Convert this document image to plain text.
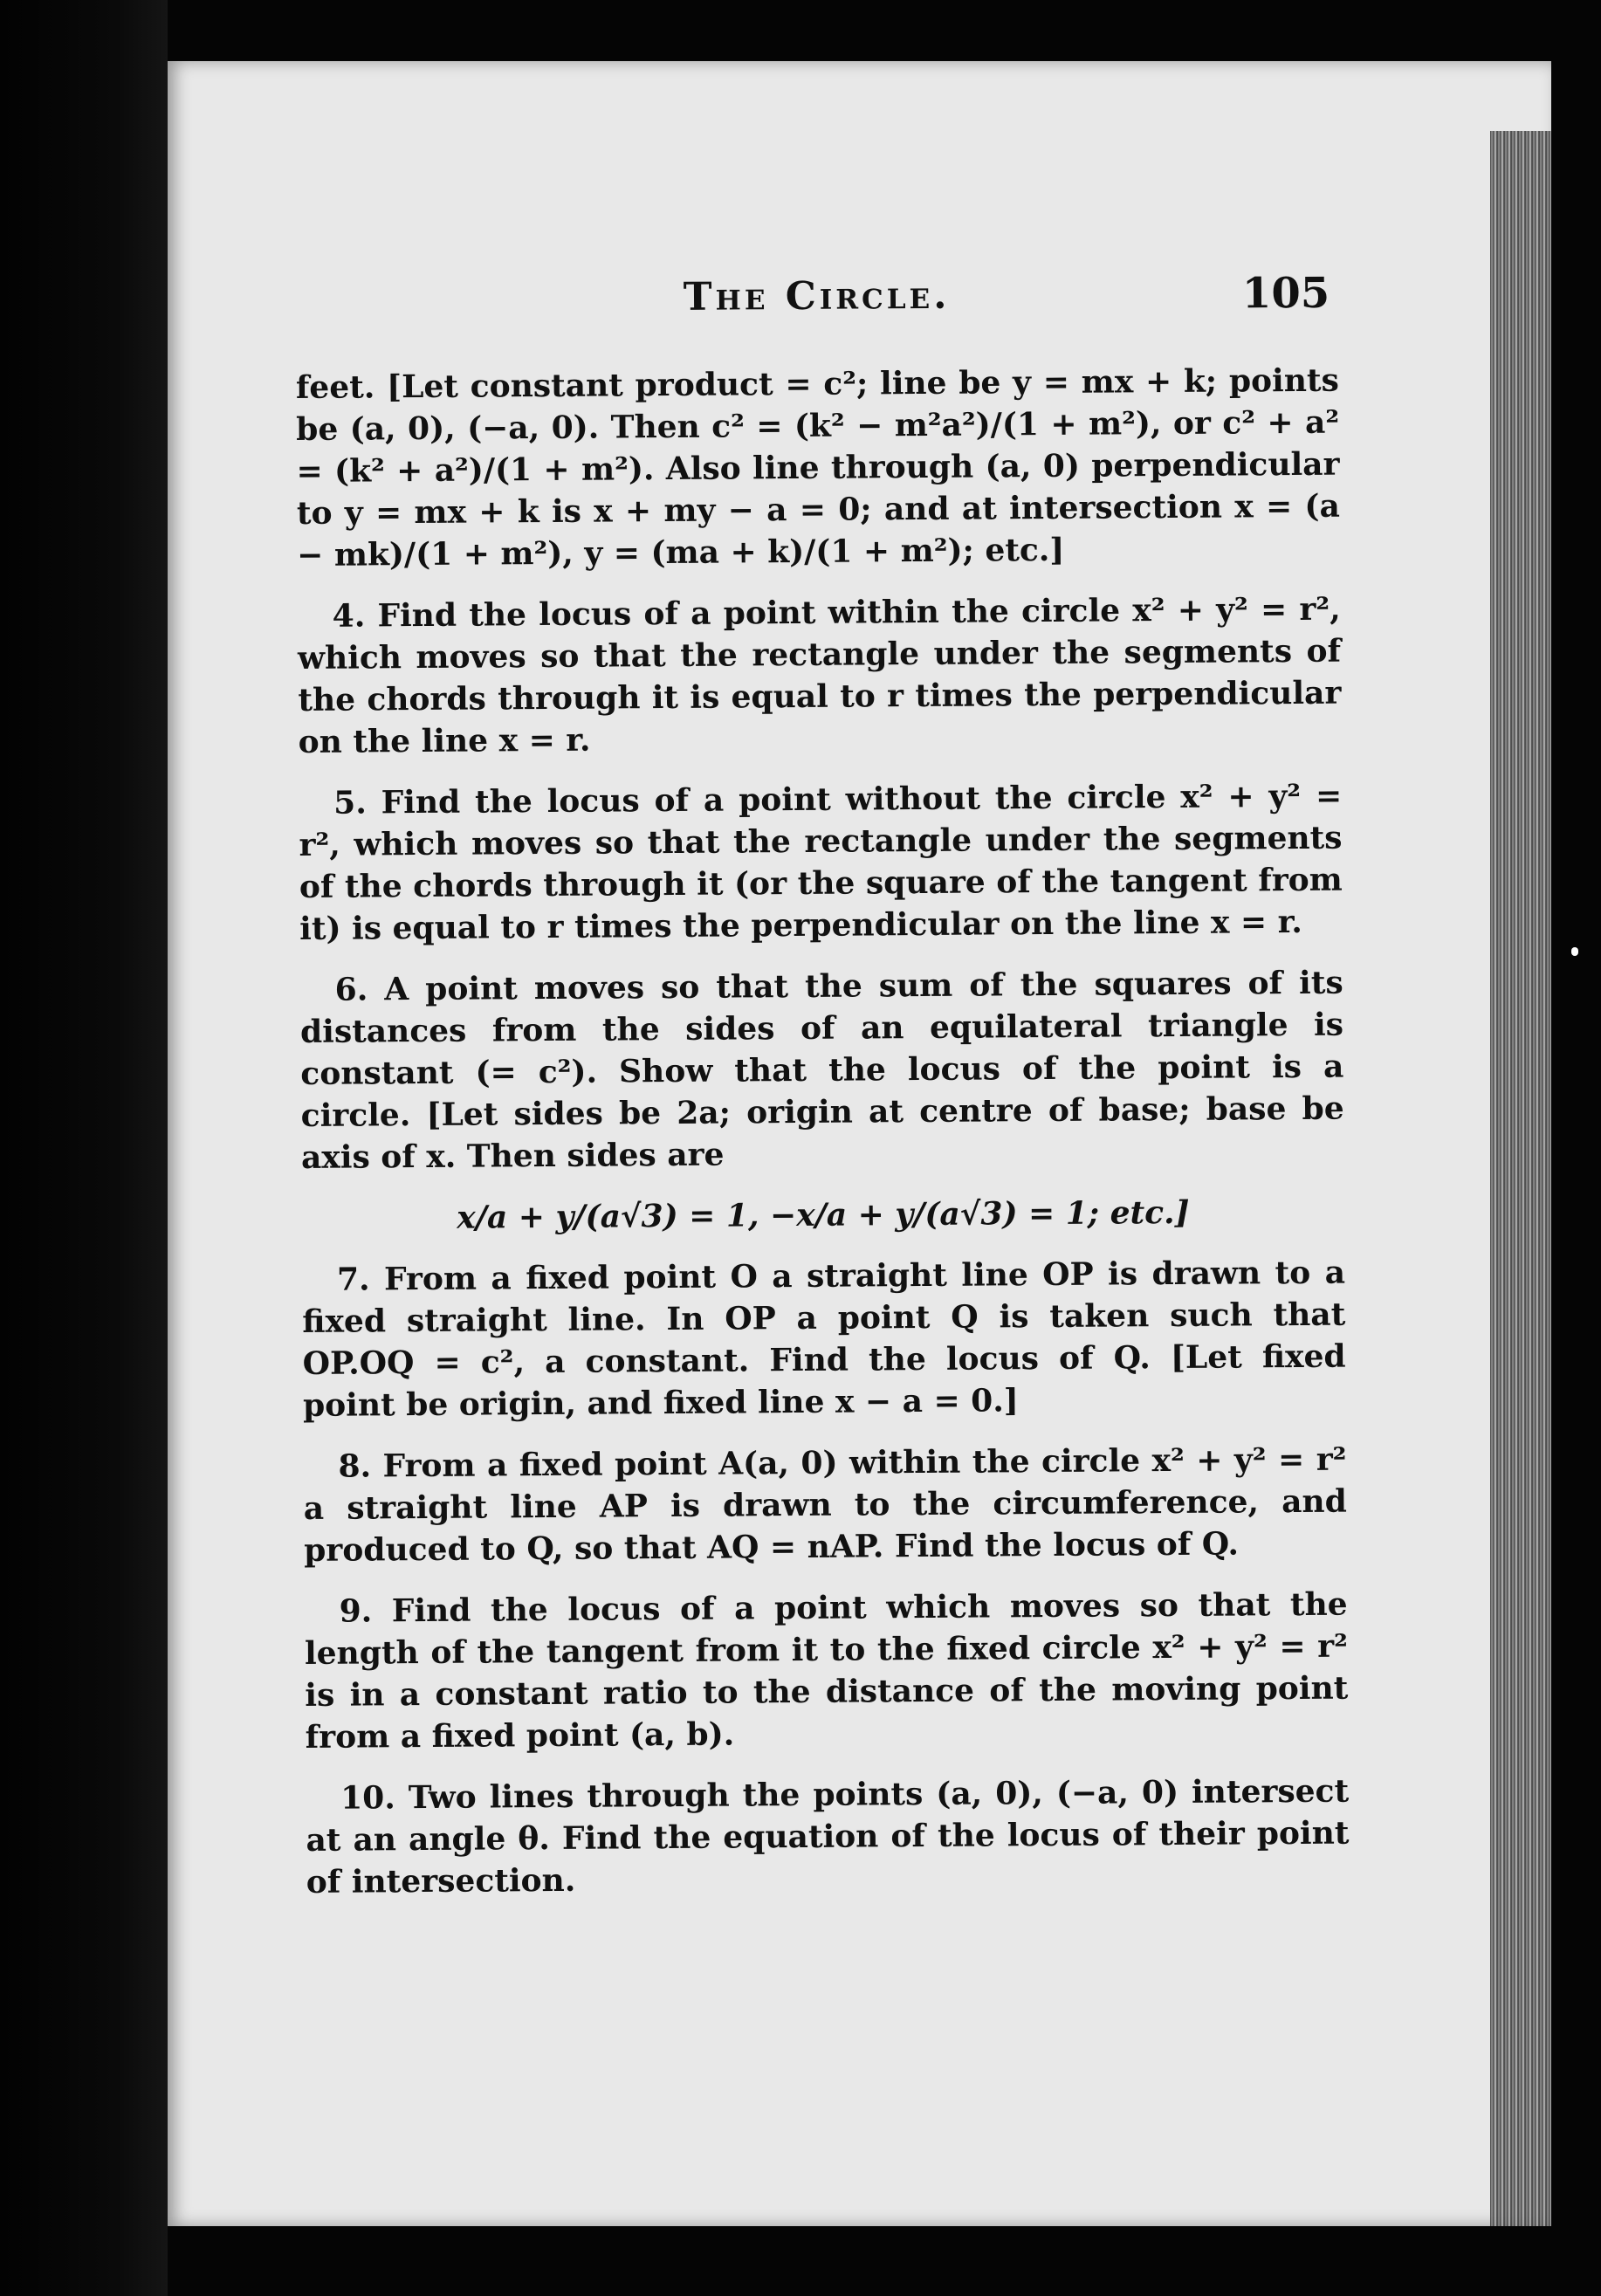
The Circle.	105

feet. [Let constant product = c²; line be y = mx + k; points be (a, 0), (−a, 0). Then c² = (k² − m²a²)/(1 + m²), or c² + a² = (k² + a²)/(1 + m²). Also line through (a, 0) perpendicular to y = mx + k is x + my − a = 0; and at intersection x = (a − mk)/(1 + m²), y = (ma + k)/(1 + m²); etc.]

4. Find the locus of a point within the circle x² + y² = r², which moves so that the rectangle under the segments of the chords through it is equal to r times the perpendicular on the line x = r.

5. Find the locus of a point without the circle x² + y² = r², which moves so that the rectangle under the segments of the chords through it (or the square of the tangent from it) is equal to r times the perpendicular on the line x = r.

6. A point moves so that the sum of the squares of its distances from the sides of an equilateral triangle is constant (= c²). Show that the locus of the point is a circle. [Let sides be 2a; origin at centre of base; base be axis of x. Then sides are

x/a + y/(a√3) = 1, −x/a + y/(a√3) = 1; etc.]

7. From a fixed point O a straight line OP is drawn to a fixed straight line. In OP a point Q is taken such that OP.OQ = c², a constant. Find the locus of Q. [Let fixed point be origin, and fixed line x − a = 0.]

8. From a fixed point A(a, 0) within the circle x² + y² = r² a straight line AP is drawn to the circumference, and produced to Q, so that AQ = nAP. Find the locus of Q.

9. Find the locus of a point which moves so that the length of the tangent from it to the fixed circle x² + y² = r² is in a constant ratio to the distance of the moving point from a fixed point (a, b).

10. Two lines through the points (a, 0), (−a, 0) intersect at an angle θ. Find the equation of the locus of their point of intersection.
